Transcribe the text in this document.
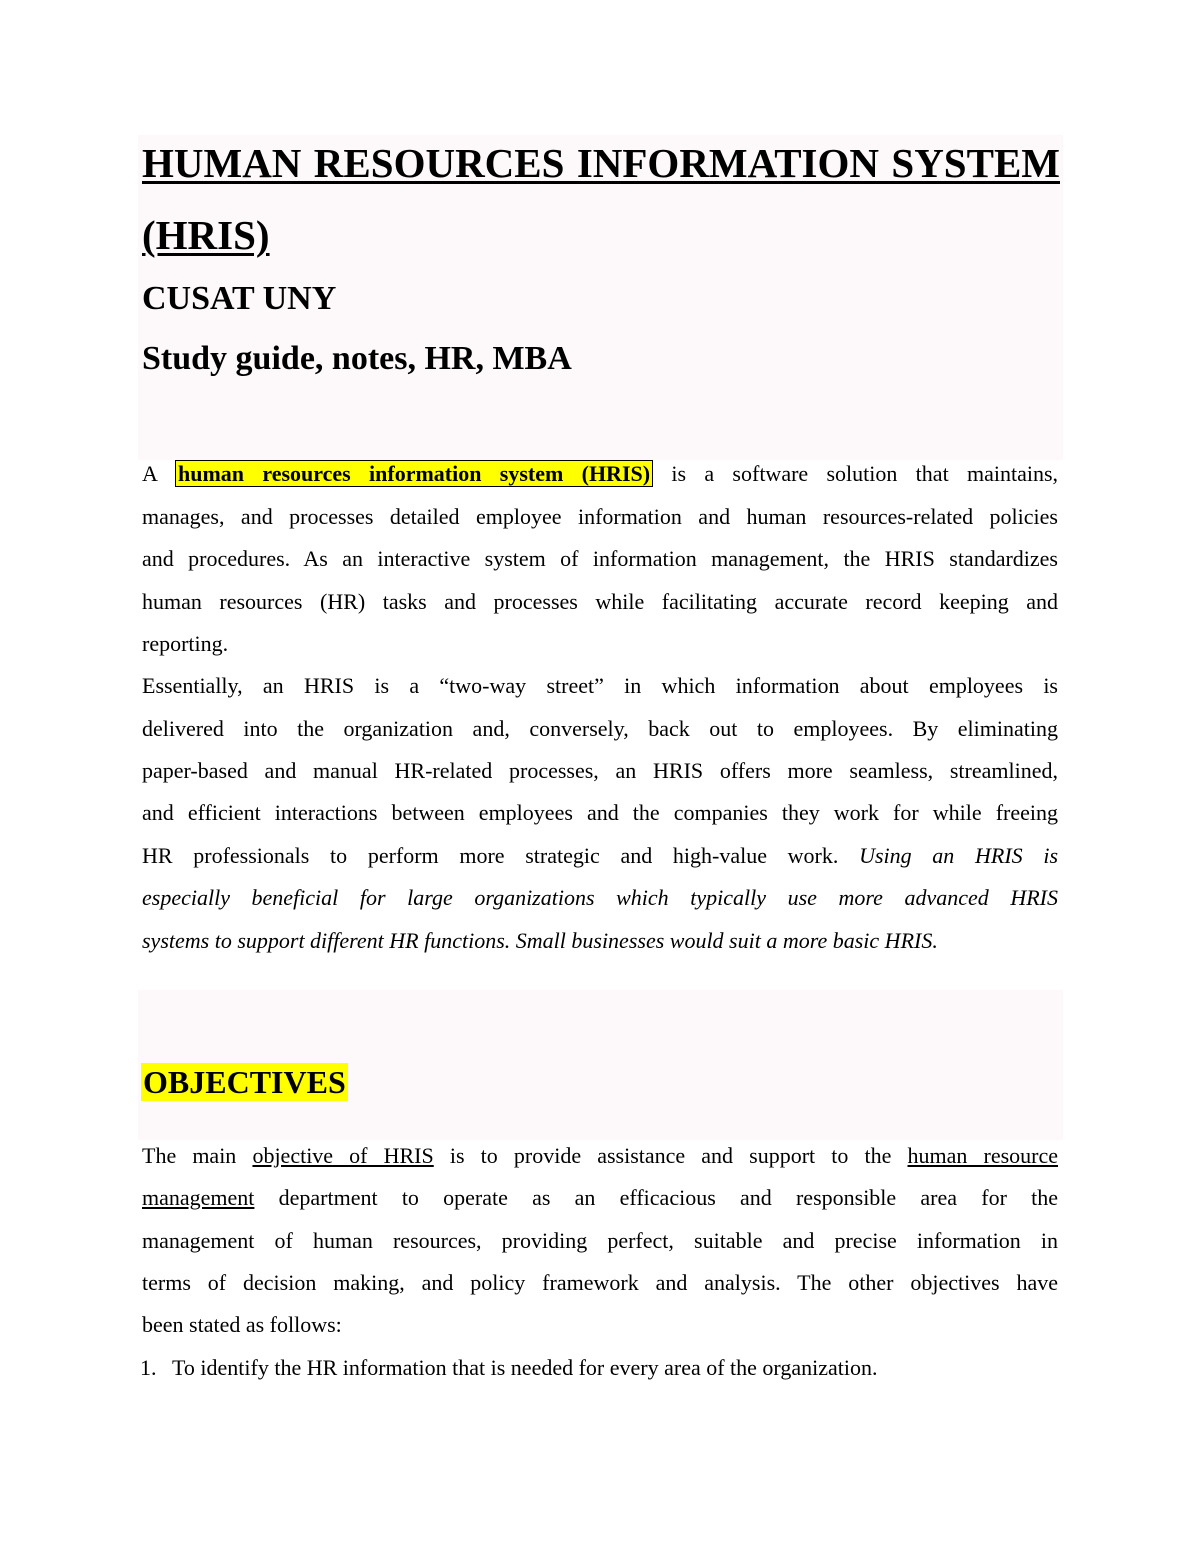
HUMAN RESOURCES INFORMATION SYSTEM
(HRIS)
CUSAT UNY
Study guide, notes, HR, MBA
A human resources information system (HRIS) is a software solution that maintains,
manages, and processes detailed employee information and human resources-related policies
and procedures. As an interactive system of information management, the HRIS standardizes
human resources (HR) tasks and processes while facilitating accurate record keeping and
reporting.
Essentially, an HRIS is a “two-way street” in which information about employees is
delivered into the organization and, conversely, back out to employees. By eliminating
paper-based and manual HR-related processes, an HRIS offers more seamless, streamlined,
and efficient interactions between employees and the companies they work for while freeing
HR professionals to perform more strategic and high-value work. Using an HRIS is
especially beneficial for large organizations which typically use more advanced HRIS
systems to support different HR functions. Small businesses would suit a more basic HRIS.
OBJECTIVES
The main objective of HRIS is to provide assistance and support to the human resource
management department to operate as an efficacious and responsible area for the
management of human resources, providing perfect, suitable and precise information in
terms of decision making, and policy framework and analysis. The other objectives have
been stated as follows:
1. To identify the HR information that is needed for every area of the organization.
